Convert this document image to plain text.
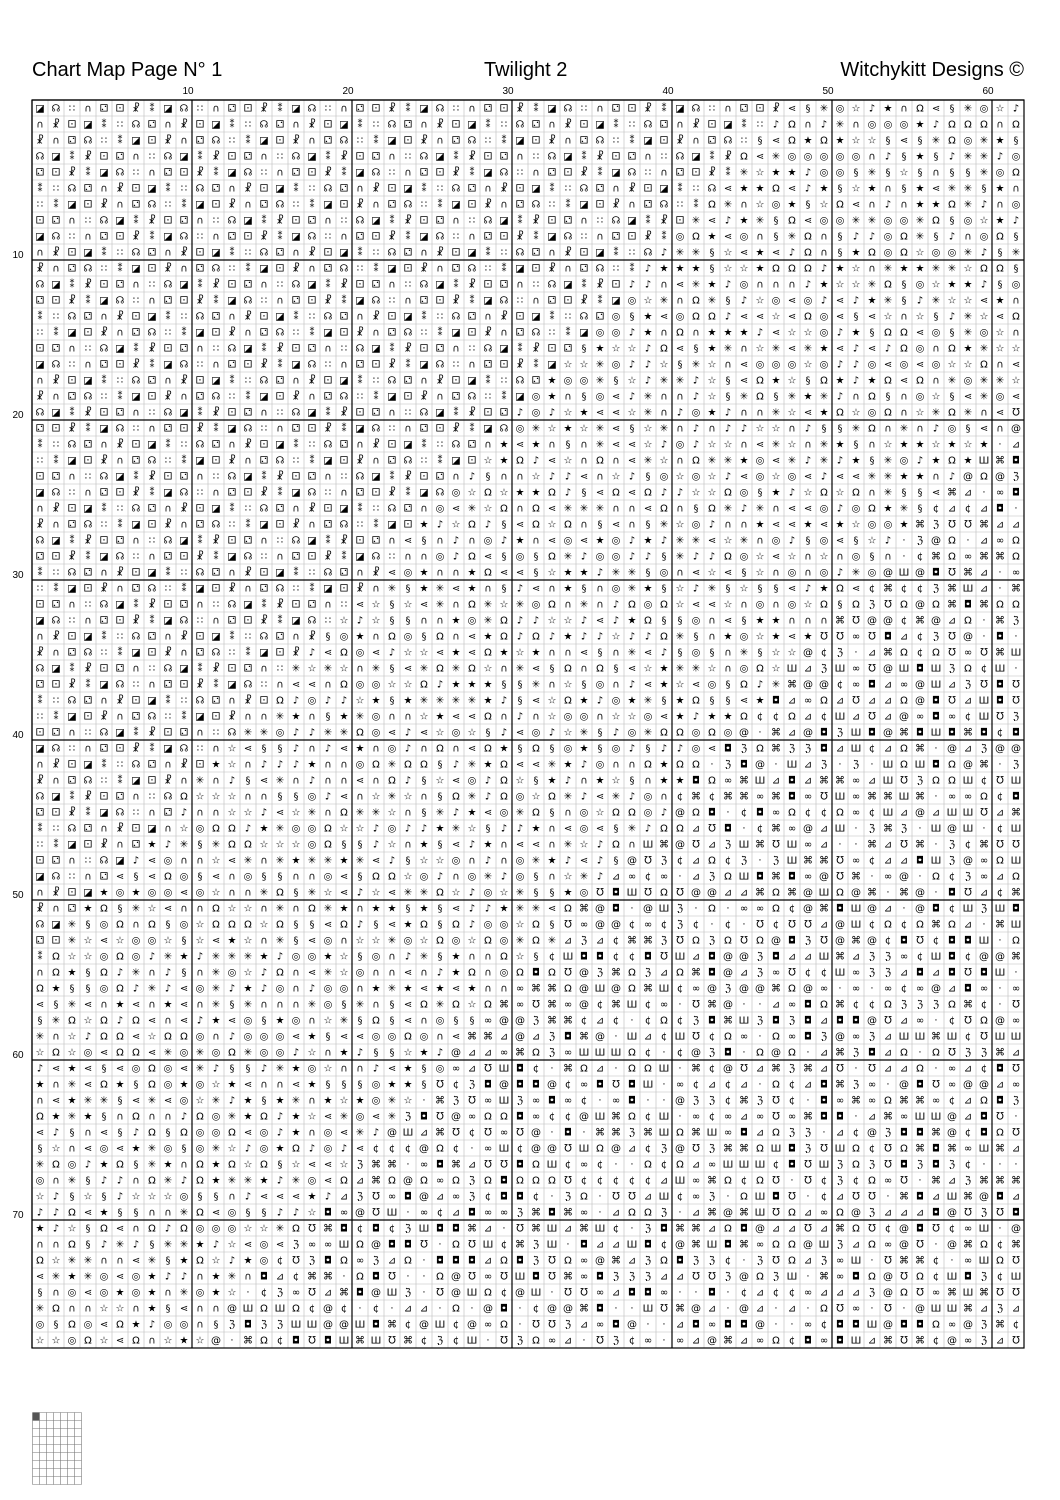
Chart Map Page N° 1	Twilight 2	Witchykitt Designs ©
◪ ☊ ∷ ∩ ⚁ ⚀ ☧ ⁑ ◪ ☊ ∷ ∩ ⚁ ⚀ ☧ ⁑ ◪ ☊ ∷ ∩ ⚁ ⚀ ☧ ⁑ ◪ ☊ ∷ ∩ ⚁ ⚀ ☧ ⁑ ◪ ☊ ∷ ∩ ⚁ ⚀ ☧ ⁑ ◪ ☊ ∷ ∩ ⚁ ⚀ ☧ ⋖ § ✳ ◎ ☆ ♪ ★ ∩ Ω ⋖ § ✳ ◎ ☆ ♪
∩ ☧ ⚀ ◪ ⁑ ∷ ☊ ⚁ ∩ ☧ ⚀ ◪ ⁑ ∷ ☊ ⚁ ∩ ☧ ⚀ ◪ ⁑ ∷ ☊ ⚁ ∩ ☧ ⚀ ◪ ⁑ ∷ ☊ ⚁ ∩ ☧ ⚀ ◪ ⁑ ∷ ☊ ⚁ ∩ ☧ ⚀ ◪ ⁑ ∷ ♪ Ω ∩ ♪ ✳ ∩ ◎ ◎ ◎ ★ ♪ Ω Ω Ω ∩ Ω
☧ ∩ ⚁ ☊ ∷ ⁑ ◪ ⚀ ☧ ∩ ⚁ ☊ ∷ ⁑ ◪ ⚀ ☧ ∩ ⚁ ☊ ∷ ⁑ ◪ ⚀ ☧ ∩ ⚁ ☊ ∷ ⁑ ◪ ⚀ ☧ ∩ ⚁ ☊ ∷ ⁑ ◪ ⚀ ☧ ∩ ⚁ ☊ ∷ § ⋖ Ω ★ Ω ★ ☆ ☆ § ⋖ § ✳ Ω ◎ ✳ ★ §
☊ ◪ ⁑ ☧ ⚀ ⚁ ∩ ∷ ☊ ◪ ⁑ ☧ ⚀ ⚁ ∩ ∷ ☊ ◪ ⁑ ☧ ⚀ ⚁ ∩ ∷ ☊ ◪ ⁑ ☧ ⚀ ⚁ ∩ ∷ ☊ ◪ ⁑ ☧ ⚀ ⚁ ∩ ∷ ☊ ◪ ⁑ ☧ Ω ⋖ ✳ ◎ ◎ ◎ ◎ ◎ ∩ ♪ § ★ § ♪ ✳ ✳ ♪ ◎
⚁ ⚀ ☧ ⁑ ◪ ☊ ∷ ∩ ⚁ ⚀ ☧ ⁑ ◪ ☊ ∷ ∩ ⚁ ⚀ ☧ ⁑ ◪ ☊ ∷ ∩ ⚁ ⚀ ☧ ⁑ ◪ ☊ ∷ ∩ ⚁ ⚀ ☧ ⁑ ◪ ☊ ∷ ∩ ⚁ ⚀ ☧ ⁑ ✳ ☆ ★ ★ ♪ ◎ ◎ § ✳ § ☆ § ∩ § § ✳ ◎ Ω
⁑ ∷ ☊ ⚁ ∩ ☧ ⚀ ◪ ⁑ ∷ ☊ ⚁ ∩ ☧ ⚀ ◪ ⁑ ∷ ☊ ⚁ ∩ ☧ ⚀ ◪ ⁑ ∷ ☊ ⚁ ∩ ☧ ⚀ ◪ ⁑ ∷ ☊ ⚁ ∩ ☧ ⚀ ◪ ⁑ ∷ ☊ ⋖ ★ ★ Ω ⋖ ♪ ★ § ☆ ★ ∩ § ★ ⋖ ✳ ✳ § ★ ∩
∷ ⁑ ◪ ⚀ ☧ ∩ ⚁ ☊ ∷ ⁑ ◪ ⚀ ☧ ∩ ⚁ ☊ ∷ ⁑ ◪ ⚀ ☧ ∩ ⚁ ☊ ∷ ⁑ ◪ ⚀ ☧ ∩ ⚁ ☊ ∷ ⁑ ◪ ⚀ ☧ ∩ ⚁ ☊ ∷ ⁑ Ω ✳ ∩ ☆ ◎ ★ § ☆ Ω ⋖ ∩ ♪ ∩ ★ ★ Ω ✳ ♪ ∩ ◎
⚀ ⚁ ∩ ∷ ☊ ◪ ⁑ ☧ ⚀ ⚁ ∩ ∷ ☊ ◪ ⁑ ☧ ⚀ ⚁ ∩ ∷ ☊ ◪ ⁑ ☧ ⚀ ⚁ ∩ ∷ ☊ ◪ ⁑ ☧ ⚀ ⚁ ∩ ∷ ☊ ◪ ⁑ ☧ ⚀ ✳ ⋖ ♪ ★ ✳ § Ω ⋖ ◎ ◎ ✳ ✳ ◎ ◎ ✳ Ω § ◎ ☆ ★ ♪
◪ ☊ ∷ ∩ ⚁ ⚀ ☧ ⁑ ◪ ☊ ∷ ∩ ⚁ ⚀ ☧ ⁑ ◪ ☊ ∷ ∩ ⚁ ⚀ ☧ ⁑ ◪ ☊ ∷ ∩ ⚁ ⚀ ☧ ⁑ ◪ ☊ ∷ ∩ ⚁ ⚀ ☧ ⁑ ◎ Ω ★ ⋖ ◎ ∩ § ✳ Ω ∩ § ♪ ♪ ◎ Ω ✳ § ♪ ∩ ◎ Ω §
∩ ☧ ⚀ ◪ ⁑ ∷ ☊ ⚁ ∩ ☧ ⚀ ◪ ⁑ ∷ ☊ ⚁ ∩ ☧ ⚀ ◪ ⁑ ∷ ☊ ⚁ ∩ ☧ ⚀ ◪ ⁑ ∷ ☊ ⚁ ∩ ☧ ⚀ ◪ ⁑ ∷ ☊ ♪ ✳ ✳ § ☆ ⋖ ★ ⋖ ♪ Ω ∩ § ★ Ω ◎ Ω ☆ ◎ ◎ ✳ ♪ § ✳
☧ ∩ ⚁ ☊ ∷ ⁑ ◪ ⚀ ☧ ∩ ⚁ ☊ ∷ ⁑ ◪ ⚀ ☧ ∩ ⚁ ☊ ∷ ⁑ ◪ ⚀ ☧ ∩ ⚁ ☊ ∷ ⁑ ◪ ⚀ ☧ ∩ ⚁ ☊ ∷ ⁑ ♪ ★ ★ ★ § ☆ ☆ ★ Ω Ω Ω ♪ ★ ☆ ∩ ✳ ★ ★ ✳ ✳ ☆ Ω Ω §
☊ ◪ ⁑ ☧ ⚀ ⚁ ∩ ∷ ☊ ◪ ⁑ ☧ ⚀ ⚁ ∩ ∷ ☊ ◪ ⁑ ☧ ⚀ ⚁ ∩ ∷ ☊ ◪ ⁑ ☧ ⚀ ⚁ ∩ ∷ ☊ ◪ ⁑ ☧ ⚀ ♪ ♪ ∩ ⋖ ✳ ★ ♪ ◎ ∩ ∩ ∩ ♪ ★ ☆ ☆ ✳ Ω § ◎ ☆ ★ ★ ♪ § ◎
⚁ ⚀ ☧ ⁑ ◪ ☊ ∷ ∩ ⚁ ⚀ ☧ ⁑ ◪ ☊ ∷ ∩ ⚁ ⚀ ☧ ⁑ ◪ ☊ ∷ ∩ ⚁ ⚀ ☧ ⁑ ◪ ☊ ∷ ∩ ⚁ ⚀ ☧ ⁑ ◪ ◎ ☆ ✳ ∩ Ω ✳ § ♪ ☆ ◎ ⋖ ◎ ♪ ⋖ ♪ ★ ✳ § ♪ ✳ ☆ ☆ ⋖ ★ ∩
⁑ ∷ ☊ ⚁ ∩ ☧ ⚀ ◪ ⁑ ∷ ☊ ⚁ ∩ ☧ ⚀ ◪ ⁑ ∷ ☊ ⚁ ∩ ☧ ⚀ ◪ ⁑ ∷ ☊ ⚁ ∩ ☧ ⚀ ◪ ⁑ ∷ ☊ ⚁ ◎ § ★ ⋖ ◎ Ω Ω ♪ ⋖ ⋖ ☆ ⋖ Ω ◎ ⋖ § ⋖ ☆ ∩ ☆ § ♪ ✳ ☆ ⋖ Ω
∷ ⁑ ◪ ⚀ ☧ ∩ ⚁ ☊ ∷ ⁑ ◪ ⚀ ☧ ∩ ⚁ ☊ ∷ ⁑ ◪ ⚀ ☧ ∩ ⚁ ☊ ∷ ⁑ ◪ ⚀ ☧ ∩ ⚁ ☊ ∷ ⁑ ◪ ◎ ◎ ♪ ★ ∩ Ω ∩ ★ ★ ★ ♪ ⋖ ☆ ☆ ◎ ♪ ★ § Ω Ω ⋖ ◎ § ✳ ◎ ☆ ∩
⚀ ⚁ ∩ ∷ ☊ ◪ ⁑ ☧ ⚀ ⚁ ∩ ∷ ☊ ◪ ⁑ ☧ ⚀ ⚁ ∩ ∷ ☊ ◪ ⁑ ☧ ⚀ ⚁ ∩ ∷ ☊ ◪ ⁑ ☧ ⚀ ⚁ § ★ ☆ ☆ ♪ Ω ⋖ § ★ ✳ ∩ ☆ ✳ ⋖ ✳ ★ ⋖ ♪ ⋖ ♪ Ω ◎ ∩ Ω ★ ✳ ☆ ☆
◪ ☊ ∷ ∩ ⚁ ⚀ ☧ ⁑ ◪ ☊ ∷ ∩ ⚁ ⚀ ☧ ⁑ ◪ ☊ ∷ ∩ ⚁ ⚀ ☧ ⁑ ◪ ☊ ∷ ∩ ⚁ ⚀ ☧ ⁑ ◪ ☆ ☆ ✳ ◎ ♪ ♪ ☆ § ✳ ☆ ∩ ⋖ ◎ ◎ ◎ ☆ ◎ ♪ ♪ ◎ ⋖ ◎ ⋖ ◎ ☆ ☆ Ω ∩ ⋖
∩ ☧ ⚀ ◪ ⁑ ∷ ☊ ⚁ ∩ ☧ ⚀ ◪ ⁑ ∷ ☊ ⚁ ∩ ☧ ⚀ ◪ ⁑ ∷ ☊ ⚁ ∩ ☧ ⚀ ◪ ⁑ ∷ ☊ ⚁ ★ ◎ ◎ ✳ § ☆ ♪ ✳ ✳ ♪ ☆ § ⋖ Ω ★ ☆ § Ω ★ ♪ ★ Ω ⋖ Ω ∩ ✳ ◎ ✳ ✳ ☆
☧ ∩ ⚁ ☊ ∷ ⁑ ◪ ⚀ ☧ ∩ ⚁ ☊ ∷ ⁑ ◪ ⚀ ☧ ∩ ⚁ ☊ ∷ ⁑ ◪ ⚀ ☧ ∩ ⚁ ☊ ∷ ⁑ ◪ ◎ ★ ∩ § ◎ ⋖ ♪ ✳ ∩ ∩ ♪ ☆ § ✳ Ω § ✳ ★ ✳ ♪ ∩ Ω § ∩ ◎ ☆ § ⋖ ✳ ◎ ⋖
☊ ◪ ⁑ ☧ ⚀ ⚁ ∩ ∷ ☊ ◪ ⁑ ☧ ⚀ ⚁ ∩ ∷ ☊ ◪ ⁑ ☧ ⚀ ⚁ ∩ ∷ ☊ ◪ ⁑ ☧ ⚀ ⚁ ♪ ◎ ♪ ☆ ★ ⋖ ⋖ ☆ ✳ ∩ ♪ ◎ ★ ♪ ∩ ∩ ✳ ☆ ⋖ ★ Ω ☆ ◎ Ω ∩ ☆ ✳ Ω ✳ ∩ ⋖ ℧
⚁ ⚀ ☧ ⁑ ◪ ☊ ∷ ∩ ⚁ ⚀ ☧ ⁑ ◪ ☊ ∷ ∩ ⚁ ⚀ ☧ ⁑ ◪ ☊ ∷ ∩ ⚁ ⚀ ☧ ⁑ ◪ ☊ ◎ ✳ ☆ ★ ☆ ✳ ⋖ § ☆ ✳ ∩ ♪ ∩ ♪ ♪ ☆ ☆ ∩ ♪ § § ✳ Ω ∩ ✳ ∩ ♪ ◎ § ⋖ ∩ @
⁑ ∷ ☊ ⚁ ∩ ☧ ⚀ ◪ ⁑ ∷ ☊ ⚁ ∩ ☧ ⚀ ◪ ⁑ ∷ ☊ ⚁ ∩ ☧ ⚀ ◪ ⁑ ∷ ☊ ⚁ ∩ ★ ⋖ ★ ∩ § ∩ ✳ ⋖ ⋖ ☆ ♪ ◎ ♪ ☆ ☆ ∩ ⋖ ✳ ☆ ∩ ✳ ★ § ∩ ☆ ★ ★ ☆ ★ ☆ ★ · ⊿
∷ ⁑ ◪ ⚀ ☧ ∩ ⚁ ☊ ∷ ⁑ ◪ ⚀ ☧ ∩ ⚁ ☊ ∷ ⁑ ◪ ⚀ ☧ ∩ ⚁ ☊ ∷ ⁑ ◪ ⚀ ☆ ★ Ω ♪ ⋖ ☆ ∩ Ω ∩ ⋖ ✳ ☆ ∩ Ω ✳ ✳ ★ ◎ ⋖ ✳ ♪ ✳ ♪ ★ § ✳ ◎ ♪ ★ Ω ★ Ш ⌘ ◘
⚀ ⚁ ∩ ∷ ☊ ◪ ⁑ ☧ ⚀ ⚁ ∩ ∷ ☊ ◪ ⁑ ☧ ⚀ ⚁ ∩ ∷ ☊ ◪ ⁑ ☧ ⚀ ⚁ ∩ ♪ § ∩ ∩ ☆ ♪ ♪ ⋖ ∩ ☆ ♪ § ◎ ☆ ◎ ☆ ♪ ⋖ ◎ ☆ ◎ ⋖ ♪ ⋖ ⋖ ✳ ✳ ★ ★ ∩ ♪ @ Ω @ ℨ
◪ ☊ ∷ ∩ ⚁ ⚀ ☧ ⁑ ◪ ☊ ∷ ∩ ⚁ ⚀ ☧ ⁑ ◪ ☊ ∷ ∩ ⚁ ⚀ ☧ ⁑ ◪ ☊ ◎ ☆ Ω ☆ ★ ★ Ω ♪ § ⋖ Ω ⋖ Ω ♪ ♪ ☆ ☆ Ω ◎ § ★ ♪ ☆ Ω ☆ Ω ∩ ✳ § § ⋖ ⌘ ⊿ · ∞ ◘
∩ ☧ ⚀ ◪ ⁑ ∷ ☊ ⚁ ∩ ☧ ⚀ ◪ ⁑ ∷ ☊ ⚁ ∩ ☧ ⚀ ◪ ⁑ ∷ ☊ ⚁ ∩ ◎ ⋖ ✳ ☆ Ω ∩ Ω ⋖ ✳ ✳ ✳ ∩ ∩ ⋖ Ω ∩ § Ω ✳ ♪ ✳ ∩ ⋖ ⋖ ◎ ♪ ◎ Ω ★ ✳ § ¢ ⊿ ¢ ⊿ ◘ ·
☧ ∩ ⚁ ☊ ∷ ⁑ ◪ ⚀ ☧ ∩ ⚁ ☊ ∷ ⁑ ◪ ⚀ ☧ ∩ ⚁ ☊ ∷ ⁑ ◪ ⚀ ★ ♪ ☆ Ω ♪ § ⋖ Ω ☆ Ω ∩ § ⋖ ∩ § ✳ ☆ ◎ ♪ ∩ ∩ ★ ⋖ ⋖ ★ ⋖ ★ ☆ ◎ ◎ ★ ⌘ ℨ ℧ ℧ ⌘ ⊿ ⊿
☊ ◪ ⁑ ☧ ⚀ ⚁ ∩ ∷ ☊ ◪ ⁑ ☧ ⚀ ⚁ ∩ ∷ ☊ ◪ ⁑ ☧ ⚀ ⚁ ∩ ⋖ § ∩ ♪ ∩ ◎ ♪ ★ ∩ ⋖ ◎ ⋖ ★ ◎ ♪ ★ ♪ ✳ ✳ ⋖ ☆ ✳ ∩ ◎ ♪ § ◎ ⋖ § ☆ ♪ · ℨ @ Ω · ⊿ ∞ Ω
⚁ ⚀ ☧ ⁑ ◪ ☊ ∷ ∩ ⚁ ⚀ ☧ ⁑ ◪ ☊ ∷ ∩ ⚁ ⚀ ☧ ⁑ ◪ ☊ ∷ ∩ ∩ ◎ ♪ Ω ⋖ § ◎ § Ω ✳ ♪ ◎ ◎ ♪ ♪ § ✳ ♪ ♪ Ω ◎ ☆ ⋖ ☆ ∩ ☆ ∩ ◎ § ∩ · ¢ ⌘ Ω ∞ ⌘ ⌘ Ω
⁑ ∷ ☊ ⚁ ∩ ☧ ⚀ ◪ ⁑ ∷ ☊ ⚁ ∩ ☧ ⚀ ◪ ⁑ ∷ ☊ ⚁ ∩ ☧ ⋖ ◎ ★ ∩ ∩ ★ Ω ⋖ ⋖ § ☆ ★ ★ ♪ ✳ ✳ § ◎ ∩ ⋖ ☆ ⋖ § ☆ ∩ ◎ ∩ ◎ ♪ ✳ ◎ @ Ш @ ◘ ℧ ⌘ ⊿ · ∞
∷ ⁑ ◪ ⚀ ☧ ∩ ⚁ ☊ ∷ ⁑ ◪ ⚀ ☧ ∩ ⚁ ☊ ∷ ⁑ ◪ ⚀ ☧ ∩ ✳ § ★ ✳ ⋖ ★ ∩ § ♪ ⋖ ∩ ★ § ∩ ◎ ✳ ★ § ☆ ♪ ✳ § ☆ § § ⋖ ♪ ★ Ω ⋖ ¢ ⌘ ¢ ¢ ℨ ⌘ Ш ⊿ · ⌘
⚀ ⚁ ∩ ∷ ☊ ◪ ⁑ ☧ ⚀ ⚁ ∩ ∷ ☊ ◪ ⁑ ☧ ⚀ ⚁ ∩ ∷ ⋖ ☆ § ☆ ⋖ ✳ ∩ Ω ✳ ☆ ✳ ◎ Ω ∩ ✳ ∩ ♪ Ω ◎ Ω ☆ ⋖ ⋖ ☆ ∩ ◎ ∩ ◎ ☆ Ω § Ω ℨ ℧ Ω @ Ω ⌘ ◘ ⌘ Ω Ω
◪ ☊ ∷ ∩ ⚁ ⚀ ☧ ⁑ ◪ ☊ ∷ ∩ ⚁ ⚀ ☧ ⁑ ◪ ☊ ∷ ☆ ♪ ☆ § § ∩ ∩ ★ ◎ ✳ Ω ♪ ♪ ☆ ☆ ♪ ⋖ ♪ ★ Ω § § ◎ ∩ ⋖ § ★ ★ ∩ ∩ ∩ ⌘ ℧ @ @ ¢ ⌘ @ ⊿ Ω · ⌘ ℨ
∩ ☧ ⚀ ◪ ⁑ ∷ ☊ ⚁ ∩ ☧ ⚀ ◪ ⁑ ∷ ☊ ⚁ ∩ ☧ § ◎ ★ ∩ Ω ◎ § Ω ∩ ⋖ ★ Ω ♪ Ω ♪ ★ ♪ ♪ ☆ ♪ ♪ Ω ✳ § ∩ ★ ◎ ☆ ★ ⋖ ★ ℧ ℧ ∞ ℧ ◘ ⊿ ¢ ℨ ℧ @ · ◘ ·
☧ ∩ ⚁ ☊ ∷ ⁑ ◪ ⚀ ☧ ∩ ⚁ ☊ ∷ ⁑ ◪ ⚀ ☧ ♪ ⋖ Ω ◎ ⋖ ♪ ☆ ☆ ⋖ ★ ⋖ Ω ★ ☆ ★ ∩ ∩ ⋖ § ∩ ✳ ⋖ ♪ § ◎ § ∩ ✳ § ☆ ☆ @ ¢ ℨ · ⊿ ⌘ Ω ¢ Ω ℧ ∞ ℧ ⌘ Ш
☊ ◪ ⁑ ☧ ⚀ ⚁ ∩ ∷ ☊ ◪ ⁑ ☧ ⚀ ⚁ ∩ ∷ ✳ ☆ ✳ ☆ ∩ ✳ § ⋖ ✳ Ω ✳ Ω ☆ ∩ ✳ ⋖ § Ω ∩ Ω § ⋖ ☆ ★ ✳ ✳ ☆ ∩ ◎ Ω ☆ Ш ⊿ ℨ Ш ∞ ℧ @ Ш ◘ Ш ℨ Ω ¢ Ш ·
⚁ ⚀ ☧ ⁑ ◪ ☊ ∷ ∩ ⚁ ⚀ ☧ ⁑ ◪ ☊ ∷ ∩ ⋖ ⋖ ∩ Ω ◎ ◎ ☆ ☆ Ω ♪ ★ ★ ★ § § ✳ ∩ ☆ § ◎ ∩ ♪ ⋖ ★ ☆ ⋖ ◎ § Ω ♪ ✳ ⌘ @ @ ¢ ∞ ◘ ⊿ ∞ @ Ш ⊿ ℨ ℧ ◘ ℧
⁑ ∷ ☊ ⚁ ∩ ☧ ⚀ ◪ ⁑ ∷ ☊ ⚁ ∩ ☧ ⚀ Ω ♪ ◎ ♪ ♪ ☆ ★ § ★ ✳ ✳ ✳ ✳ ★ ♪ § ⋖ ☆ Ω ★ ♪ ◎ ★ ✳ § ★ Ω § § ⋖ ★ ◘ ⊿ ∞ Ω ⊿ ℧ ⊿ ⊿ Ω @ ◘ ℧ ⊿ Ш ◘ ℧
∷ ⁑ ◪ ⚀ ☧ ∩ ⚁ ☊ ∷ ⁑ ◪ ⚀ ☧ ∩ ∩ ✳ ★ ∩ § ★ ✳ ◎ ∩ ∩ ☆ ★ ⋖ ⋖ Ω ∩ ♪ ∩ ☆ ◎ ◎ ∩ ☆ ☆ ◎ ⋖ ★ ♪ ★ ★ Ω ¢ ¢ Ω ⊿ ¢ Ш ⊿ ℧ ⊿ @ ∞ ◘ ∞ ¢ Ш ℧ ℨ
⚀ ⚁ ∩ ∷ ☊ ◪ ⁑ ☧ ⚀ ⚁ ∩ ∷ ☊ ✳ ✳ ◎ ♪ ♪ ✳ ✳ Ω ◎ ⋖ ♪ ⋖ ☆ ◎ ☆ § ♪ ⋖ ◎ ♪ ☆ ✳ § ♪ ◎ ✳ Ω Ω ◎ Ω ◎ @ · ⌘ ⊿ @ ◘ ℨ Ш ◘ @ ⌘ ◘ Ш ◘ ⌘ ◘ ¢ ◘
◪ ☊ ∷ ∩ ⚁ ⚀ ☧ ⁑ ◪ ☊ ∷ ∩ ☆ ⋖ § § ♪ ∩ ♪ ⋖ ★ ∩ ◎ ♪ ∩ Ω ∩ ⋖ Ω ★ § Ω § ◎ ★ § ◎ ♪ § ♪ ♪ ◎ ⋖ ◘ ℨ Ω ⌘ ℨ ℨ ◘ ⊿ Ш ¢ ⊿ Ω ⌘ · @ ⊿ ℨ @ @
∩ ☧ ⚀ ◪ ⁑ ∷ ☊ ⚁ ∩ ☧ ⚀ ★ ☆ ∩ ♪ ♪ ♪ ★ ∩ ∩ ◎ Ω ✳ Ω Ω § ♪ ✳ ★ Ω ⋖ ⋖ ✳ ★ ♪ ◎ ∩ ∩ Ω ★ Ω Ω · ℨ ◘ @ · Ш ⊿ ℨ · ℨ · Ш Ω Ш ◘ Ω @ ⌘ · ℨ
☧ ∩ ⚁ ☊ ∷ ⁑ ◪ ⚀ ☧ ∩ ✳ ∩ ♪ § ⋖ ✳ ∩ ♪ ∩ ∩ ⋖ ∩ Ω ♪ § ☆ ⋖ ◎ ♪ Ω ☆ § ★ ♪ ∩ ★ ☆ § ∩ ★ ★ ◘ Ω ∞ ⌘ Ш ⊿ ◘ ⊿ ⌘ ⌘ ∞ ⊿ Ш ℧ ℨ Ω Ω Ш ¢ ℧ Ш
☊ ◪ ⁑ ☧ ⚀ ⚁ ∩ ∷ ☊ Ω ☆ ☆ ☆ ∩ ∩ § § ◎ ♪ ⋖ ∩ ☆ ✳ ☆ ∩ § Ω ✳ ♪ Ω ◎ ☆ Ω ✳ ♪ ⋖ ✳ ♪ ◎ ∩ ¢ ⌘ ¢ ⌘ ⌘ ∞ ⌘ ◘ ∞ ℧ Ш ∞ ⌘ ⌘ Ш ⌘ · ∞ ∞ Ω ¢ ◘
⚁ ⚀ ☧ ⁑ ◪ ☊ ∷ ∩ ⚁ ♪ ∩ ∩ ☆ ☆ ♪ ⋖ ☆ ✳ ∩ Ω ✳ ✳ ☆ ∩ § ✳ ♪ ★ ⋖ ◎ ✳ Ω § ∩ ◎ ☆ Ω Ω ◎ ♪ @ Ω ◘ · ¢ ◘ ∞ Ω ¢ ¢ Ω ∞ ¢ Ш ⊿ @ ⊿ Ш Ш ℧ ⊿ ⌘
⁑ ∷ ☊ ⚁ ∩ ☧ ⚀ ◪ ∩ ☆ ◎ Ω Ω ♪ ★ ✳ ◎ ◎ Ω ☆ ☆ ♪ ◎ ♪ ♪ ★ ✳ ☆ § ♪ ♪ ★ ∩ ⋖ ◎ ⋖ § ✳ ♪ Ω Ω ⊿ ℧ ◘ · ¢ ⌘ ∞ @ ⊿ Ш · ℨ ⌘ ℨ · Ш @ Ш · ¢ Ш
∷ ⁑ ◪ ⚀ ☧ ∩ ⚁ ★ ♪ ✳ § ✳ Ω Ω ☆ ☆ ☆ ◎ Ω § § ♪ ☆ ∩ ★ § ⋖ ♪ ★ ∩ ⋖ ⋖ ∩ ✳ ☆ ♪ Ω ∩ Ш ⌘ @ ℧ ⊿ ℨ Ш ⌘ ℧ Ш ∞ ⊿ · · ⌘ ⊿ ℧ ⌘ · ℨ ¢ ⌘ ℧ ℧
⚀ ⚁ ∩ ∷ ☊ ◪ ♪ ⋖ ◎ ∩ ∩ ☆ ⋖ ✳ ∩ ✳ ★ ✳ ✳ ★ ✳ ⋖ ♪ § ☆ ☆ ◎ ∩ ♪ ∩ ◎ ✳ ★ ♪ ⋖ ♪ § @ ℧ ℨ ¢ ⊿ Ω ¢ ℨ · ℨ Ш ⌘ ⌘ ℧ ∞ ¢ ⊿ ⊿ ◘ Ш ℨ @ ∞ Ω Ш
◪ ☊ ∷ ∩ ⚁ ⋖ § ⋖ Ω ◎ § ⋖ ∩ ◎ § § ∩ ∩ ◎ ⋖ § Ω Ω ☆ ◎ ♪ ∩ ◎ ✳ ♪ ◎ § ∩ ☆ ✳ ♪ ⊿ ∞ ¢ ∞ · ⊿ ℨ Ω Ш ◘ ⌘ ◘ ∞ @ ℧ ⌘ · ∞ @ · Ω ¢ ℨ ∞ ⊿ Ω
∩ ☧ ⚀ ◪ ★ ◎ ★ ◎ ◎ ⋖ ◎ ☆ ∩ ∩ ✳ Ω § ✳ ☆ ⋖ ♪ ☆ ⋖ ✳ ✳ Ω ☆ ♪ ◎ ☆ ✳ § § ★ ◎ ℧ ◘ Ш ℧ Ω ℧ @ @ ⊿ ⊿ ⌘ Ω ⌘ @ Ш Ω @ ⌘ · ⌘ @ · ◘ ℧ ⊿ ¢ ⌘
☧ ∩ ⚁ ★ Ω § ✳ ☆ ⋖ ∩ ∩ Ω ☆ ☆ ∩ ✳ ∩ Ω ✳ ★ ∩ ★ ★ § ★ § ⋖ ♪ ♪ ★ ✳ ✳ ⋖ Ω ⌘ @ ◘ · @ Ш ℨ · Ω · ∞ ∞ Ω ¢ @ ⌘ ◘ Ш @ ⊿ · @ ◘ ¢ Ш ℨ Ш ◘
☊ ◪ ✳ § ◎ Ω ∩ Ω § ◎ ☆ Ω Ω Ω ☆ Ω § § ⋖ Ω ♪ § ⋖ ★ Ω § Ω ♪ ◎ ◎ ☆ Ω § ℧ ∞ @ @ ¢ ∞ ¢ ℨ ¢ · ¢ · ℧ ¢ ℧ ℧ ⊿ @ Ш ¢ Ω ¢ Ω ⌘ Ω ⊿ · ⌘ Ш
⚁ ⚀ ✳ ☆ ⋖ ☆ ◎ ◎ ☆ § ☆ ⋖ ★ ☆ ∩ ✳ § ⋖ ◎ ∩ ☆ ☆ ✳ ◎ ☆ Ω ◎ ☆ Ω ◎ ✳ Ω ✳ ⊿ ℨ ⊿ ¢ ⌘ ⌘ ℨ ℧ Ω ℨ Ω ℧ Ω @ ◘ ℨ ℧ @ ⌘ @ ¢ ◘ ℧ ¢ ◘ ◘ Ш · Ω
⁑ Ω ☆ ☆ ◎ Ω ◎ ♪ ✳ ★ ♪ ✳ ✳ ✳ ★ ♪ ◎ ◎ ★ ☆ § ◎ ∩ ♪ ✳ § ★ ∩ ∩ Ω ☆ § ¢ Ш ◘ ◘ ¢ ¢ ◘ ℧ Ш ⊿ ◘ @ @ ℨ ◘ ⊿ ⊿ Ш ⌘ ⊿ ℨ ℨ ∞ ¢ Ш ◘ ¢ @ @ ⌘
∩ Ω ★ § Ω ♪ ✳ ∩ ♪ § ∩ ✳ ◎ ☆ ♪ Ω ∩ ⋖ ✳ ☆ ◎ ∩ ∩ ⋖ ∩ ♪ ★ Ω ∩ ◎ Ω ◘ Ω ℧ @ ℨ ⌘ Ω ℨ ⊿ Ω ⌘ ◘ @ ⊿ ℨ ∞ ℧ ¢ ¢ Ш ∞ ℨ ℨ ⊿ ◘ ⊿ ◘ ℧ ◘ Ш ·
Ω ★ § § ◎ Ω ♪ ✳ ♪ ⋖ ◎ ✳ ♪ ★ ♪ ◎ ∩ ♪ ◎ ◎ ∩ ★ ✳ ★ ⋖ ★ ⋖ ★ ∩ ∩ ∞ ⌘ ⌘ Ω @ Ш @ Ω ⌘ Ш ¢ ∞ @ ℨ @ @ ⌘ Ω @ ∞ · ∞ · ∞ ¢ ∞ @ ⊿ ◘ ∞ · ∞
⋖ § ✳ ⋖ ∩ ★ ⋖ ∩ ★ ⋖ ∩ ✳ § ✳ ∩ ∩ ∩ ✳ ◎ § ✳ ∩ § ⋖ Ω ✳ Ω ☆ Ω ⌘ ∞ ℧ ⌘ ∞ @ ¢ ⌘ Ш ¢ ∞ · ℧ ⌘ @ · · ⊿ ∞ ◘ Ω ⌘ ¢ ¢ Ω ℨ ℨ ℨ Ω ⌘ ¢ · ℧
§ ✳ Ω ☆ Ω ♪ Ω ⋖ ∩ ⋖ ♪ ★ ⋖ ◎ § ★ ◎ ∩ ☆ ✳ § Ω § ⋖ ∩ ◎ § § ∞ @ @ ℨ ⌘ ⌘ ¢ ⊿ ¢ · ¢ Ω ¢ ℨ ◘ ⌘ Ш ℨ ◘ ℨ ◘ ⊿ ◘ ◘ @ ℧ ⊿ ∞ · ¢ ℧ Ω @ ∞
✳ ∩ ☆ ♪ Ω Ω ⋖ ☆ Ω Ω ◎ ∩ ♪ ◎ ◎ ◎ ⋖ ★ § ⋖ ⋖ ◎ ◎ Ω ◎ ∩ ⋖ ⌘ ⌘ ⊿ @ ⊿ ℨ ◘ ⌘ @ · Ш ⊿ ¢ Ш ℧ ¢ Ω ∞ · Ω ∞ ◘ ℨ @ ∞ ℨ ⊿ Ш Ш ⌘ Ш ¢ ℧ Ш Ш
☆ Ω ☆ ◎ ⋖ Ω Ω ⋖ ✳ ◎ ✳ ◎ Ω ✳ ◎ ◎ ♪ ☆ ∩ ★ ♪ § § ☆ ★ ♪ @ ⊿ ⊿ ∞ ⌘ Ω ℨ ∞ Ш Ш Ш Ω ¢ · ¢ @ ℨ ◘ · Ω @ Ω · ⊿ ⌘ ℨ ◘ ⊿ Ω · Ω ℧ ℨ ℨ ⌘ ⊿
♪ ⋖ ★ ⋖ § ⋖ ◎ Ω ◎ ⋖ ✳ ♪ § § ♪ ✳ ★ ◎ ☆ ∩ ∩ ♪ ⋖ ★ § ◎ ∞ ⊿ ℧ Ш ◘ ¢ · ⌘ Ω ⊿ · Ω Ω Ш · ⌘ ¢ @ ℧ ⊿ ⌘ ℨ ⌘ ⊿ ℧ · ℧ ⊿ ⊿ Ω · ∞ ⊿ ¢ ◘ ℧
★ ∩ ✳ ⋖ Ω ★ § Ω ◎ ★ ◎ ☆ ★ ⋖ ∩ ∩ ⋖ ★ § § § ◎ ★ ★ § ℧ ¢ ℨ ◘ @ ◘ ◘ @ ¢ ∞ ◘ ℧ ◘ Ш · ∞ ¢ ⊿ ¢ ⊿ · Ω ¢ ⊿ ◘ ⌘ ℨ ∞ · @ ◘ ℧ ∞ @ @ ⊿ ∞
∩ ⋖ ★ ✳ ✳ § ⋖ ✳ ⋖ ◎ ☆ ✳ ♪ ★ § ★ ✳ ∩ ★ ☆ ★ ◎ ✳ ☆ · ⌘ ℨ ℧ ∞ Ш ℨ ∞ ◘ ∞ ¢ · ∞ ◘ · · @ ℨ ℨ ¢ ⌘ ℨ ℧ ¢ · ◘ ∞ ⌘ ∞ Ω ⌘ ⌘ ∞ ¢ ⊿ Ω ◘ ℨ
Ω ★ ✳ ★ § ∩ Ω ∩ ∩ ♪ Ω ◎ ✳ ★ Ω ♪ ★ ☆ ⋖ ✳ ◎ ⋖ ✳ ℨ ◘ ℧ @ ∞ Ω Ω ◘ ∞ ¢ ¢ @ Ш ⌘ Ω ¢ Ш · ∞ ¢ ∞ ⊿ ∞ ℧ ∞ ⌘ ◘ ◘ · ⊿ ⌘ ∞ Ш Ш @ ⊿ ◘ ℧ ·
⋖ ♪ § ∩ ⋖ § ♪ Ω § Ω ◎ ◎ Ω ⋖ ◎ ♪ ★ ∩ ◎ ⋖ ✳ ♪ @ Ш ⊿ ⌘ ℧ ¢ ℧ ∞ ℧ @ · ◘ · ⌘ ⌘ ℨ ⌘ Ш Ω ⌘ Ш ∞ ◘ ⊿ Ω ℨ ℨ · ⊿ ¢ @ ℨ ◘ ◘ ⌘ @ ¢ ◘ Ω ℧
§ ☆ ∩ ⋖ ◎ ⋖ ★ ✳ ◎ § ◎ ✳ ☆ ♪ ◎ ★ Ω ♪ ◎ ♪ ⋖ ¢ ¢ ¢ @ Ω ¢ · ∞ Ш ¢ @ @ ℧ Ш Ω @ ⊿ ¢ ℨ @ ℧ ℨ ⌘ ⌘ Ω Ш ◘ ℨ ℧ Ш Ω ¢ ℧ Ω ⌘ ◘ ⌘ ∞ Ш ⌘ ⊿
✳ Ω ◎ ♪ ★ Ω § ✳ ★ ∩ Ω ★ Ω ☆ Ω § ☆ ⋖ ⋖ ☆ ℨ ⌘ ⌘ · ∞ ◘ ⌘ ⊿ ℧ ℧ ◘ Ω Ш ¢ ∞ ¢ · · Ω ¢ Ω ⊿ ∞ Ш Ш Ш ¢ ◘ ℧ Ш ℨ Ω ℨ ℧ ◘ ℨ ◘ ℨ ¢ · · ·
◎ ∩ ✳ § ♪ ♪ ∩ Ω ✳ ♪ Ω ★ ✳ ✳ ★ ♪ ✳ ◎ ⋖ Ω ⊿ ⌘ Ω @ Ω ∞ Ω ℨ Ω ◘ Ω Ω Ω ℧ ¢ ¢ ¢ ¢ ¢ ⊿ Ш ∞ ⌘ Ω ¢ Ω ℧ · ℧ ¢ ℨ ¢ Ω ∞ ℧ · ⌘ ⊿ ℨ ⌘ ⌘ ⌘
☆ ♪ § ☆ § ♪ ☆ ☆ ☆ ◎ § § ∩ ♪ ⋖ ⋖ ⋖ ★ ♪ ⊿ ℨ ℧ ∞ ◘ @ ⊿ ∞ ℨ ¢ ◘ ◘ ¢ · ℨ Ω · ℧ ℧ ⊿ Ш ¢ ∞ ℨ · Ω Ш ◘ ℧ · ¢ ⊿ ℧ ℧ · ⌘ ◘ ⊿ Ш ⌘ @ ◘ ⊿
♪ ♪ Ω ⋖ ★ § § ∩ ∩ ✳ Ω ⋖ ◎ § § ♪ ♪ ☆ ◘ ∞ @ ℧ Ш · ∞ ¢ ⊿ ◘ ∞ ∞ ℨ ⌘ ◘ ⌘ ∞ · ⊿ Ω Ω ℨ · ⊿ ⌘ @ ⌘ Ш ℧ Ω ⊿ ∞ Ω @ ℨ ⊿ ⊿ ⊿ ◘ @ ℧ ℨ ℧ ◘
★ ♪ ☆ § Ω ⋖ ∩ Ω ♪ Ω ◎ ◎ ◎ ☆ ☆ ✳ Ω ℧ ⌘ ◘ ¢ ◘ ¢ ℨ Ш ◘ ◘ ⌘ ⊿ · ℧ ⌘ Ш ⊿ ⌘ Ш ¢ · ℨ ◘ ⌘ ⌘ ⊿ Ω ◘ @ ⊿ ⊿ ℧ ⊿ ⌘ Ω ℧ ¢ @ ◘ ℧ ¢ ∞ Ш · @
∩ ∩ Ω § ♪ ✳ ♪ § ✳ ✳ ★ ♪ ☆ ⋖ ◎ ⋖ ℨ ∞ ∞ Ш Ω @ ◘ ◘ ℧ · Ω ℧ Ш ¢ ⌘ ℨ Ш · ◘ ⊿ ⊿ Ш ◘ ¢ @ ⌘ Ш ◘ ⌘ ∞ Ω Ω @ Ш ℨ ⊿ Ω ∞ @ ℧ · @ ⌘ Ω ¢ ⌘
Ω ☆ ✳ ✳ ∩ ∩ ⋖ ✳ § ★ Ω ☆ ♪ ★ ◎ ¢ ℧ ℨ ◘ Ω ∞ ℨ ⊿ Ω · ◘ ◘ ◘ ⊿ Ω ◘ ℨ ℧ Ω ∞ @ ⌘ ⊿ ℨ Ω ◘ ℨ ℨ ¢ · ℨ ℧ Ω ⊿ ℨ ∞ Ш · ℧ ⌘ ⌘ ¢ · ∞ Ш Ω ℧
⋖ ✳ ★ ✳ ◎ ⋖ ◎ ★ ♪ ♪ ∩ ★ ✳ ∩ ◘ ⊿ ¢ ⌘ ⌘ · Ω ◘ ℧ · · Ω @ ℧ ∞ ℧ Ш ◘ ℧ ⌘ ∞ ◘ ℨ ℨ ℨ ⊿ ⊿ ℧ ℧ ℨ @ Ω ℨ Ш · ⌘ ∞ ◘ Ω @ ℧ Ω ¢ Ш ◘ ℨ ¢ Ш
§ ∩ ◎ ⋖ ◎ ★ ◎ ★ ∩ ✳ ◎ ★ ☆ · ¢ ℨ ∞ ℧ ⊿ ⌘ ◘ @ Ш ℨ · ℧ @ Ш Ω ¢ @ Ш · ℧ ℧ ∞ ⊿ ◘ ◘ ∞ · · ◘ · ¢ ⊿ ¢ ¢ ∞ ⊿ ⊿ ⊿ ℨ @ Ω ℧ ∞ ⌘ Ш ⌘ ℧ ℧
✳ Ω ∩ ∩ ☆ ☆ ∩ ★ § ⋖ ∩ ∩ @ Ш Ω Ш Ω ¢ @ ¢ · ¢ · ⊿ ⊿ · Ω · @ ◘ · ¢ @ @ ⌘ ◘ · · Ш ℧ ⌘ @ ⊿ · @ ⊿ · ⊿ · Ω ℧ ∞ · ℧ · @ Ш Ш ⌘ ⊿ ℨ ⊿
◎ § Ω ◎ ⋖ Ω ★ ♪ ◎ ◎ ∩ § ℨ ◘ ℨ ℨ Ш Ш @ @ Ш ◘ ⌘ ¢ @ Ш ¢ @ ∞ Ω · ℧ ℧ ℨ ⊿ ∞ ◘ @ · · ⊿ ◘ ∞ ◘ ◘ @ · · ∞ ¢ ◘ ◘ Ш @ ◘ ◘ Ω ∞ @ ℨ ⌘ ¢
☆ ☆ ◎ Ω ☆ ⋖ Ω ∩ ☆ ★ ☆ @ · ⌘ Ω ¢ ◘ ℧ ◘ Ш ⌘ Ш ℧ ⌘ ¢ ℨ ¢ Ш · ℧ ℨ Ω ∞ ⊿ · ℧ ℨ ¢ ∞ · ∞ ⊿ @ ⌘ ⊿ ∞ Ω ¢ ◘ ∞ ◘ Ш ⊿ ⌘ ℧ ⌘ ¢ @ ∞ ℨ ⊿ ℧
10	20	30	40	50	60
10
20
30
40
50
60
70
